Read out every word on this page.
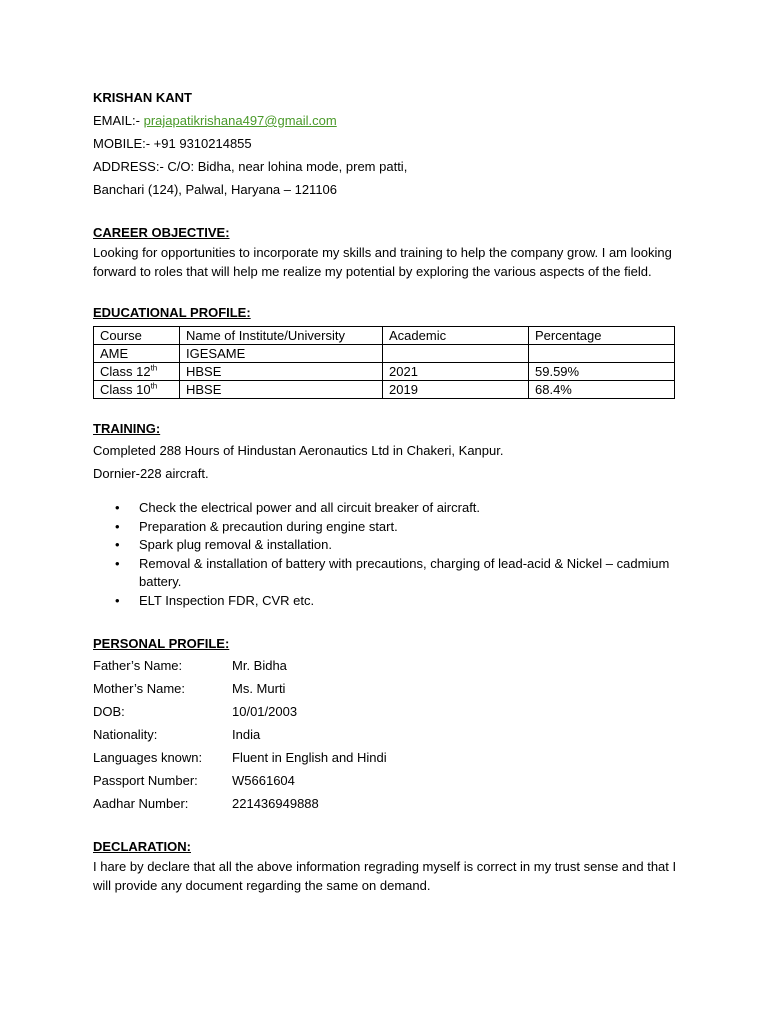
KRISHAN KANT
EMAIL:- prajapatikrishana497@gmail.com
MOBILE:- +91 9310214855
ADDRESS:- C/O: Bidha, near lohina mode, prem patti,
Banchari (124), Palwal, Haryana – 121106
CAREER OBJECTIVE:

Looking for opportunities to incorporate my skills and training to help the company grow. I am looking forward to roles that will help me realize my potential by exploring the various aspects of the field.

EDUCATIONAL PROFILE:
Course	Name of Institute/University	Academic	Percentage
AME	IGESAME		
Class 12th	HBSE	2021	59.59%
Class 10th	HBSE	2019	68.4%
TRAINING:
Completed 288 Hours of Hindustan Aeronautics Ltd in Chakeri, Kanpur.
Dornier-228 aircraft.
• Check the electrical power and all circuit breaker of aircraft.
• Preparation & precaution during engine start.
• Spark plug removal & installation.
• Removal & installation of battery with precautions, charging of lead-acid & Nickel – cadmium battery.
• ELT Inspection FDR, CVR etc.
PERSONAL PROFILE:
Father’s Name:	Mr. Bidha
Mother’s Name:	Ms. Murti
DOB:	10/01/2003
Nationality:	India
Languages known:	Fluent in English and Hindi
Passport Number:	W5661604
Aadhar Number:	221436949888
DECLARATION:

I hare by declare that all the above information regrading myself is correct in my trust sense and that I will provide any document regarding the same on demand.
